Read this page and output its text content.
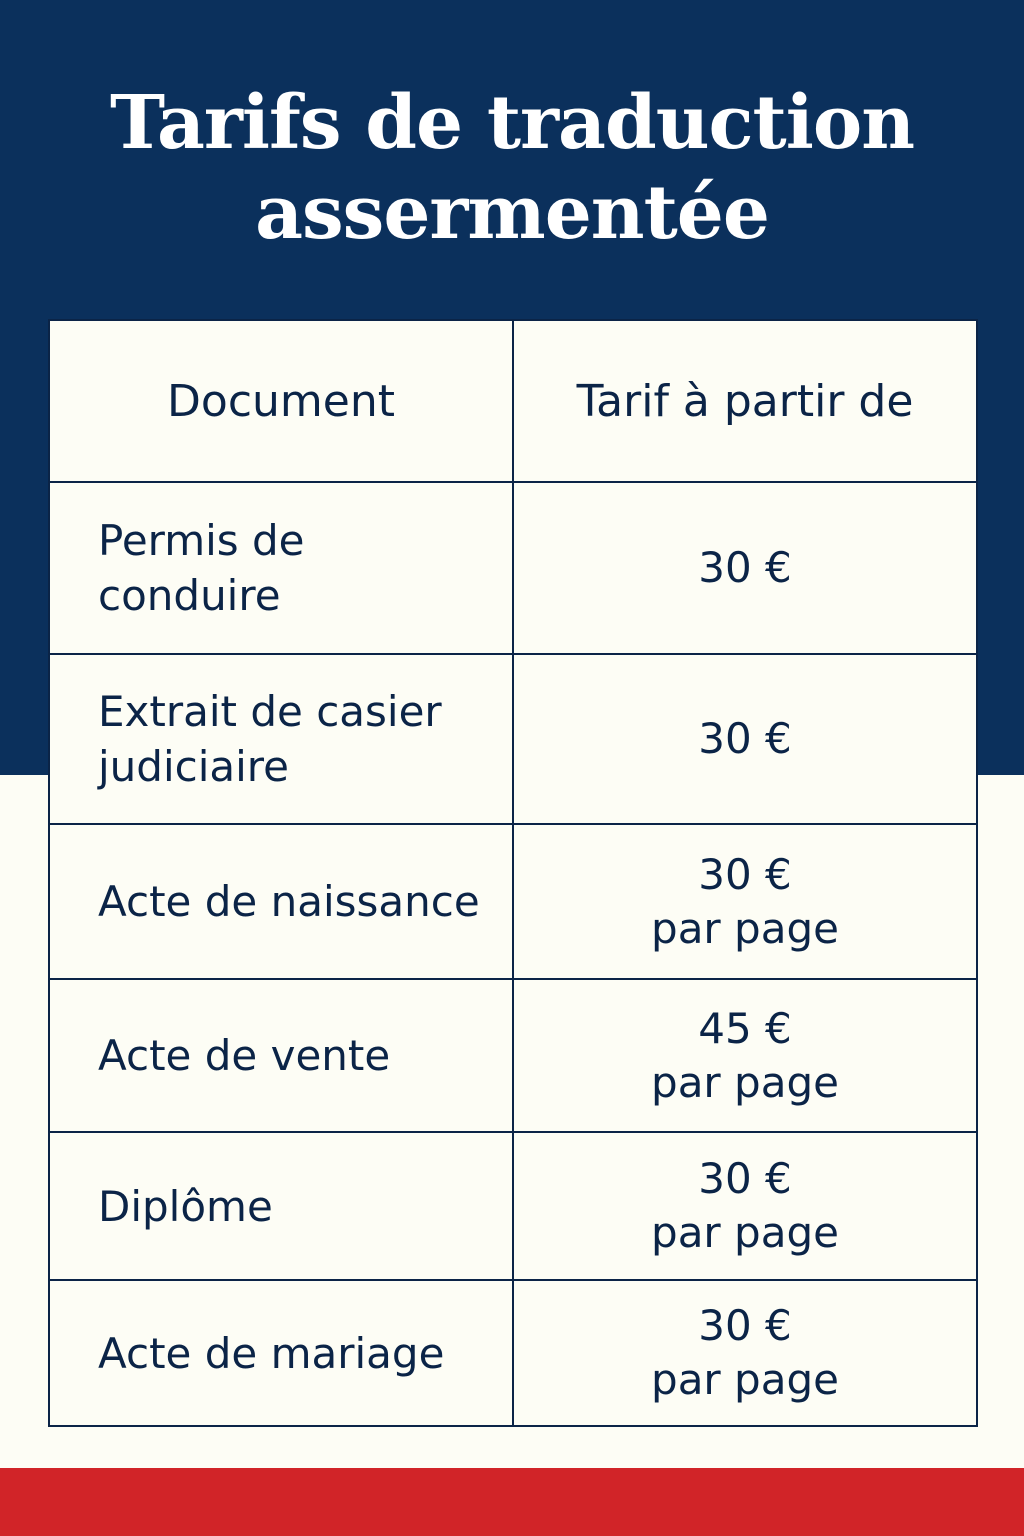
Tarifs de traduction
assermentée
Document	Tarif à partir de

Permis de
conduire	30 €

Extrait de casier
judiciaire	30 €

Acte de naissance	30 €
par page

Acte de vente	45 €
par page

Diplôme	30 €
par page

Acte de mariage	30 €
par page
